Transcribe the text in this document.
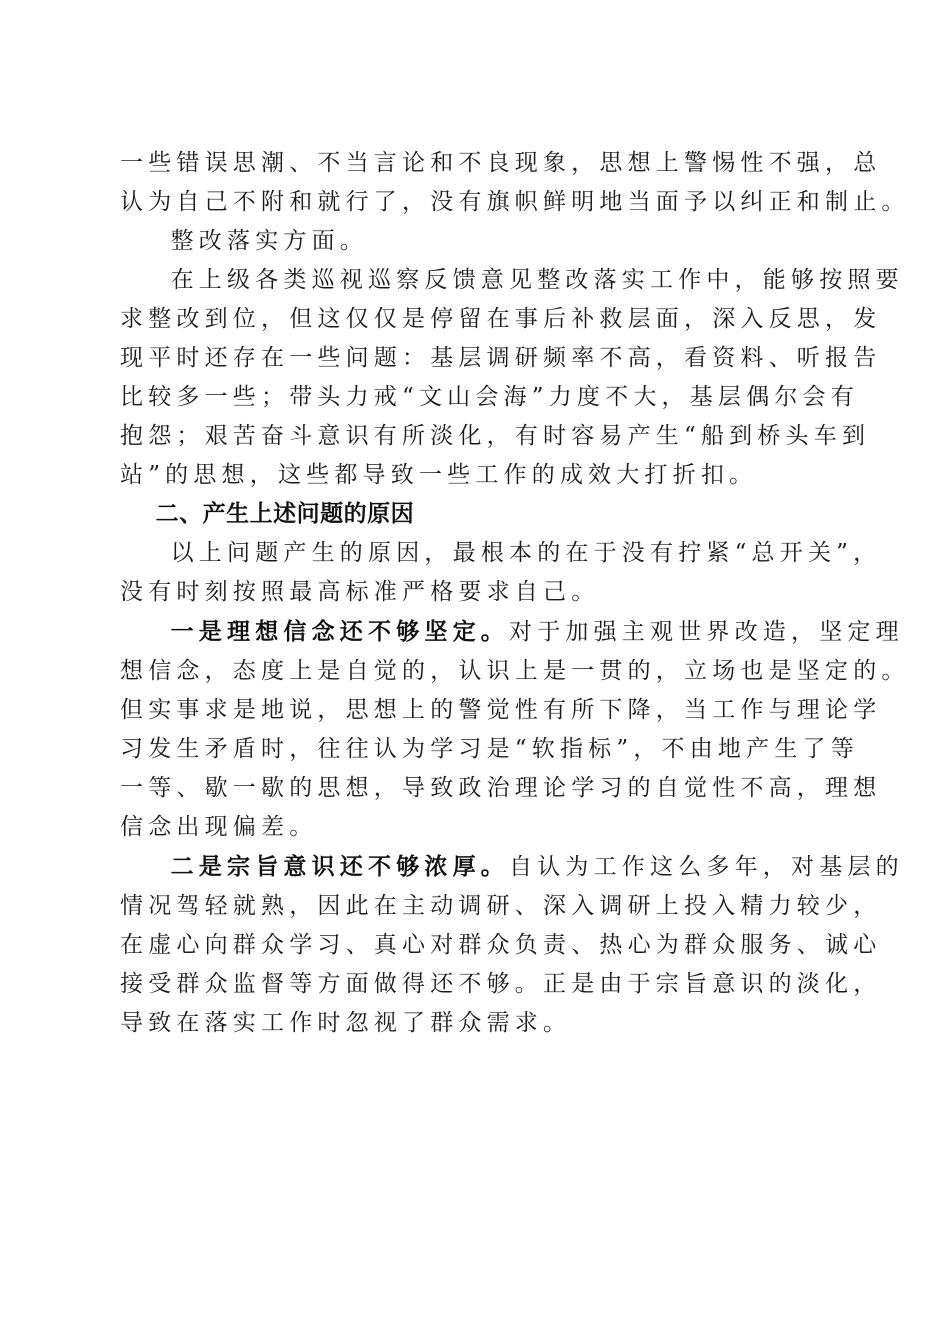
一些错误思潮、不当言论和不良现象，思想上警惕性不强，总
认为自己不附和就行了，没有旗帜鲜明地当面予以纠正和制止。

整改落实方面。

在上级各类巡视巡察反馈意见整改落实工作中，能够按照要
求整改到位，但这仅仅是停留在事后补救层面，深入反思，发
现平时还存在一些问题：基层调研频率不高，看资料、听报告
比较多一些；带头力戒“文山会海”力度不大，基层偶尔会有
抱怨；艰苦奋斗意识有所淡化，有时容易产生“船到桥头车到
站”的思想，这些都导致一些工作的成效大打折扣。

二、产生上述问题的原因

以上问题产生的原因，最根本的在于没有拧紧“总开关”，
没有时刻按照最高标准严格要求自己。

一是理想信念还不够坚定。对于加强主观世界改造，坚定理
想信念，态度上是自觉的，认识上是一贯的，立场也是坚定的。
但实事求是地说，思想上的警觉性有所下降，当工作与理论学
习发生矛盾时，往往认为学习是“软指标”，不由地产生了等
一等、歇一歇的思想，导致政治理论学习的自觉性不高，理想
信念出现偏差。

二是宗旨意识还不够浓厚。自认为工作这么多年，对基层的
情况驾轻就熟，因此在主动调研、深入调研上投入精力较少，
在虚心向群众学习、真心对群众负责、热心为群众服务、诚心
接受群众监督等方面做得还不够。正是由于宗旨意识的淡化，
导致在落实工作时忽视了群众需求。
